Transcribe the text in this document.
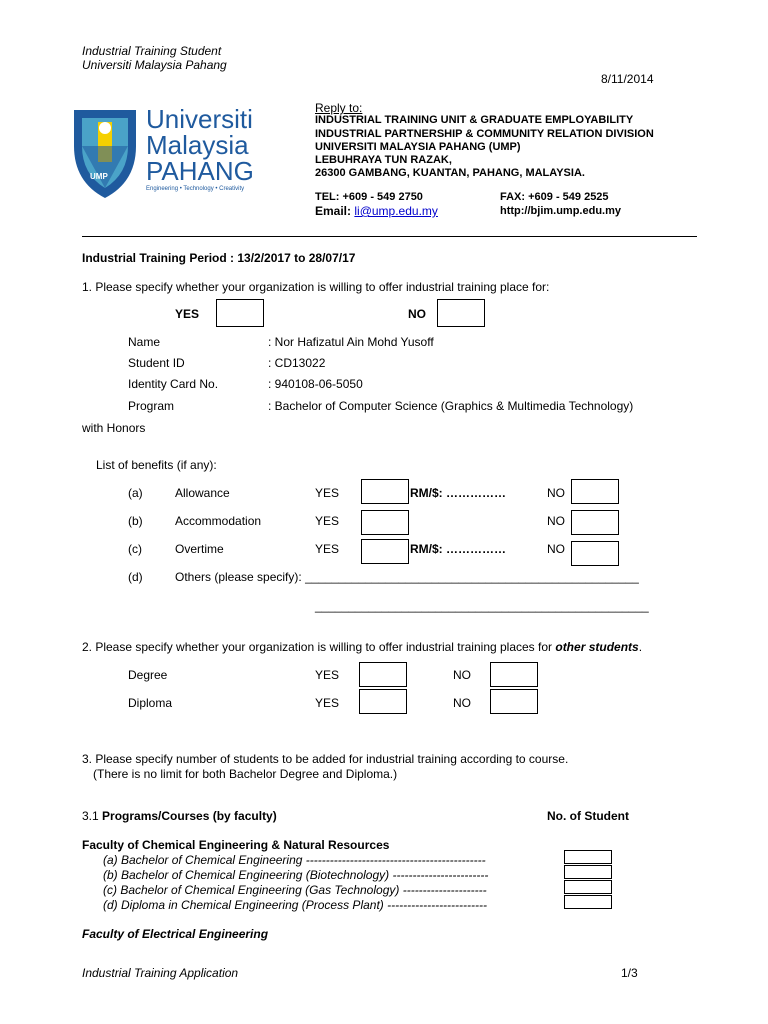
Industrial Training Student
Universiti Malaysia Pahang
8/11/2014
UMP
Universiti
Malaysia
PAHANG
Engineering • Technology • Creativity
Reply to:
INDUSTRIAL TRAINING UNIT & GRADUATE EMPLOYABILITY
INDUSTRIAL PARTNERSHIP & COMMUNITY RELATION DIVISION
UNIVERSITI MALAYSIA PAHANG (UMP)
LEBUHRAYA TUN RAZAK,
26300 GAMBANG, KUANTAN, PAHANG, MALAYSIA.
TEL: +609 - 549 2750	FAX: +609 - 549 2525
Email: li@ump.edu.my	http://bjim.ump.edu.my
Industrial Training Period : 13/2/2017 to 28/07/17
1. Please specify whether your organization is willing to offer industrial training place for:
YES	NO
Name	: Nor Hafizatul Ain Mohd Yusoff
Student ID	: CD13022
Identity Card No.	: 940108-06-5050
Program	: Bachelor of Computer Science (Graphics & Multimedia Technology)
with Honors
List of benefits (if any):
(a)	Allowance	YES	RM/$: ……………	NO
(b)	Accommodation	YES	NO
(c)	Overtime	YES	RM/$: ……………	NO
(d)	Others (please specify): __________________________________________________
__________________________________________________
2. Please specify whether your organization is willing to offer industrial training places for other students.
Degree	YES	NO
Diploma	YES	NO
3. Please specify number of students to be added for industrial training according to course.
(There is no limit for both Bachelor Degree and Diploma.)
3.1 Programs/Courses (by faculty)	No. of Student
Faculty of Chemical Engineering & Natural Resources
(a) Bachelor of Chemical Engineering ---------------------------------------------
(b) Bachelor of Chemical Engineering (Biotechnology) ------------------------
(c) Bachelor of Chemical Engineering (Gas Technology) ---------------------
(d) Diploma in Chemical Engineering (Process Plant) -------------------------
Faculty of Electrical Engineering
Industrial Training Application	1/3
